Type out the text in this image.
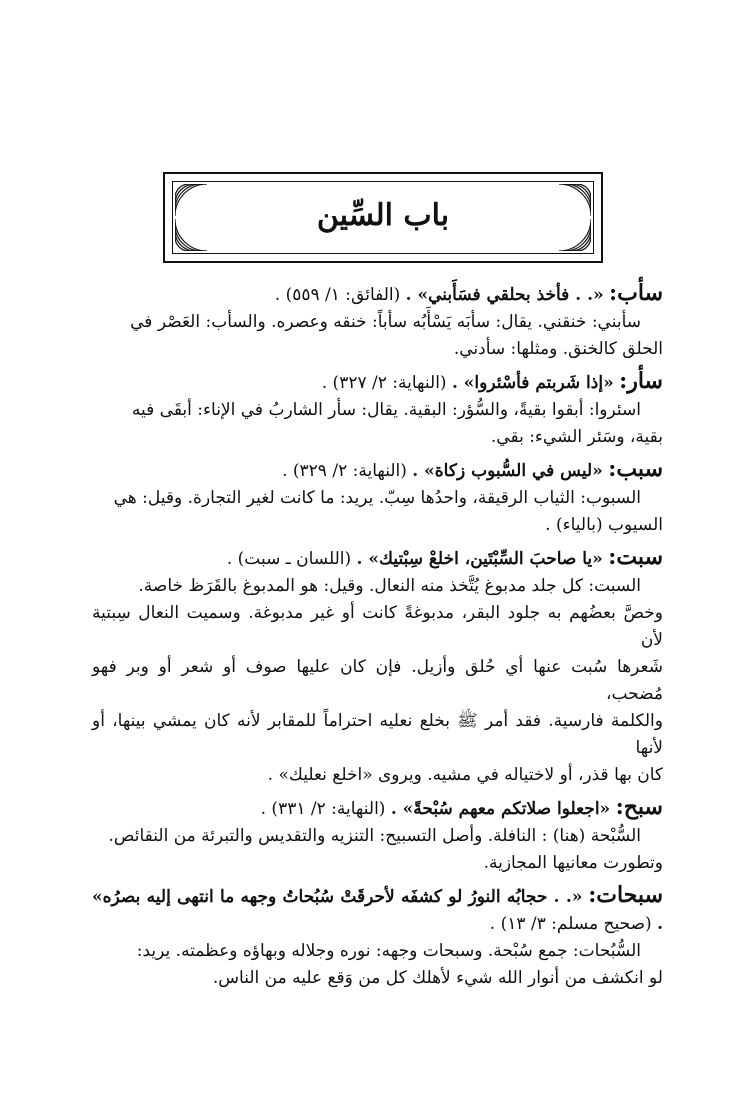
باب السِّين

سأب: «. . فأخذ بحلقي فسَأَبني» . (الفائق: ١/ ٥٥٩) .

سأبني: خنقني. يقال: سأبَه يَسْأَبُه سأباً: خنقه وعصره. والسأب: العَصْر في
الحلق كالخنق. ومثلها: سأدني.

سأر: «إذا شَربتم فأسْئروا» . (النهاية: ٢/ ٣٢٧) .

اسئروا: أبقوا بقيةً، والسُّؤر: البقية. يقال: سأر الشاربُ في الإناء: أبقَى فيه
بقية، وسَئر الشيء: بقي.

سبب: «ليس في السُّبوب زكاة» . (النهاية: ٢/ ٣٢٩) .

السبوب: الثياب الرقيقة، واحدُها سِبّ. يريد: ما كانت لغير التجارة. وقيل: هي
السيوب (بالياء) .

سبت: «يا صاحبَ السِّبْتَين، اخلعْ سِبْتيك» . (اللسان ـ سبت) .

السبت: كل جلد مدبوغ يُتَّخذ منه النعال. وقيل: هو المدبوغ بالقَرَظ خاصة.
وخصَّ بعضُهم به جلود البقر، مدبوغةً كانت أو غير مدبوغة. وسميت النعال سِبتية لأن
شَعرها سُبت عنها أي حُلق وأزيل. فإن كان عليها صوف أو شعر أو وبر فهو مُضحب،
والكلمة فارسية. فقد أمر ﷺ بخلع نعليه احتراماً للمقابر لأنه كان يمشي بينها، أو لأنها
كان بها قذر، أو لاختياله في مشيه. ويروى «اخلع نعليك» .

سبح: «اجعلوا صلاتكم معهم سُبْحةً» . (النهاية: ٢/ ٣٣١) .

السُّبْحة (هنا) : النافلة. وأصل التسبيح: التنزيه والتقديس والتبرئة من النقائص.
وتطورت معانيها المجازية.

سبحات: «. . حجابُه النورُ لو كشفَه لأحرقَتْ سُبُحاتُ وجهه ما انتهى إليه بصرُه» . (صحيح مسلم: ٣/ ١٣) .

السُّبُحات: جمع سُبْحة. وسبحات وجهه: نوره وجلاله وبهاؤه وعظمته. يريد:
لو انكشف من أنوار الله شيء لأهلك كل من وَقع عليه من الناس.
